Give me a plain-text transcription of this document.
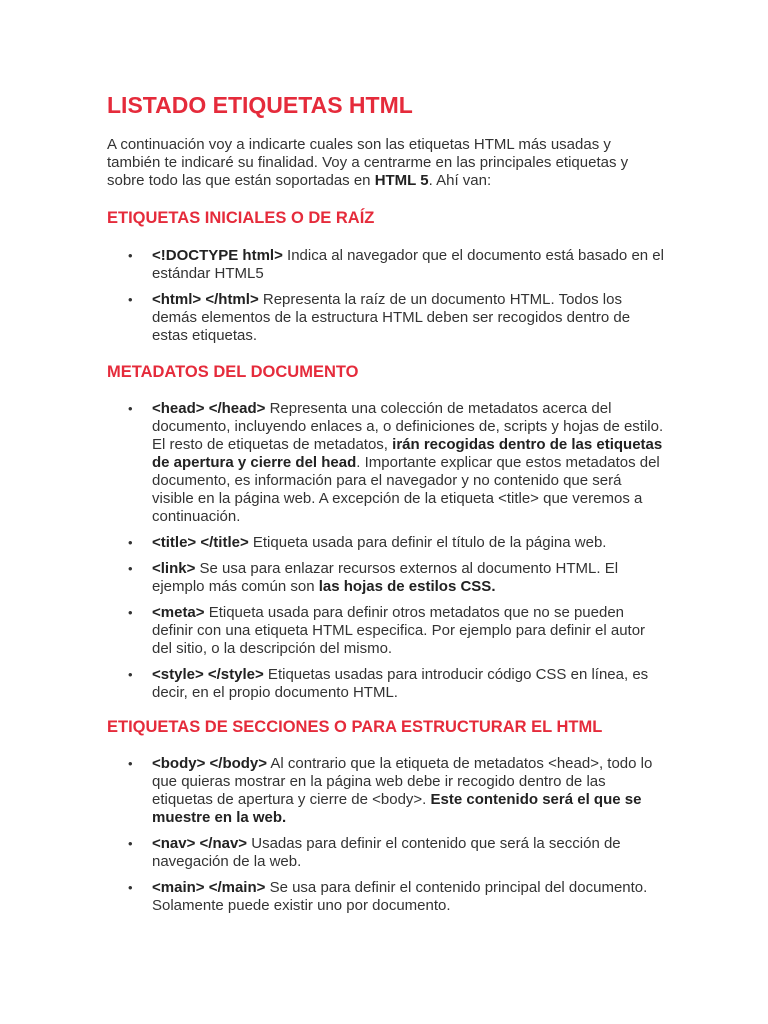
LISTADO ETIQUETAS HTML

A continuación voy a indicarte cuales son las etiquetas HTML más usadas y también te indicaré su finalidad. Voy a centrarme en las principales etiquetas y sobre todo las que están soportadas en HTML 5. Ahí van:

ETIQUETAS INICIALES O DE RAÍZ
• <!DOCTYPE html> Indica al navegador que el documento está basado en el estándar HTML5
• <html> </html> Representa la raíz de un documento HTML. Todos los demás elementos de la estructura HTML deben ser recogidos dentro de estas etiquetas.
METADATOS DEL DOCUMENTO
• <head> </head> Representa una colección de metadatos acerca del documento, incluyendo enlaces a, o definiciones de, scripts y hojas de estilo. El resto de etiquetas de metadatos, irán recogidas dentro de las etiquetas de apertura y cierre del head. Importante explicar que estos metadatos del documento, es información para el navegador y no contenido que será visible en la página web. A excepción de la etiqueta <title> que veremos a continuación.
• <title> </title> Etiqueta usada para definir el título de la página web.
• <link> Se usa para enlazar recursos externos al documento HTML. El ejemplo más común son las hojas de estilos CSS.
• <meta> Etiqueta usada para definir otros metadatos que no se pueden definir con una etiqueta HTML especifica. Por ejemplo para definir el autor del sitio, o la descripción del mismo.
• <style> </style> Etiquetas usadas para introducir código CSS en línea, es decir, en el propio documento HTML.
ETIQUETAS DE SECCIONES O PARA ESTRUCTURAR EL HTML
• <body> </body> Al contrario que la etiqueta de metadatos <head>, todo lo que quieras mostrar en la página web debe ir recogido dentro de las etiquetas de apertura y cierre de <body>. Este contenido será el que se muestre en la web.
• <nav> </nav> Usadas para definir el contenido que será la sección de navegación de la web.
• <main> </main> Se usa para definir el contenido principal del documento. Solamente puede existir uno por documento.
